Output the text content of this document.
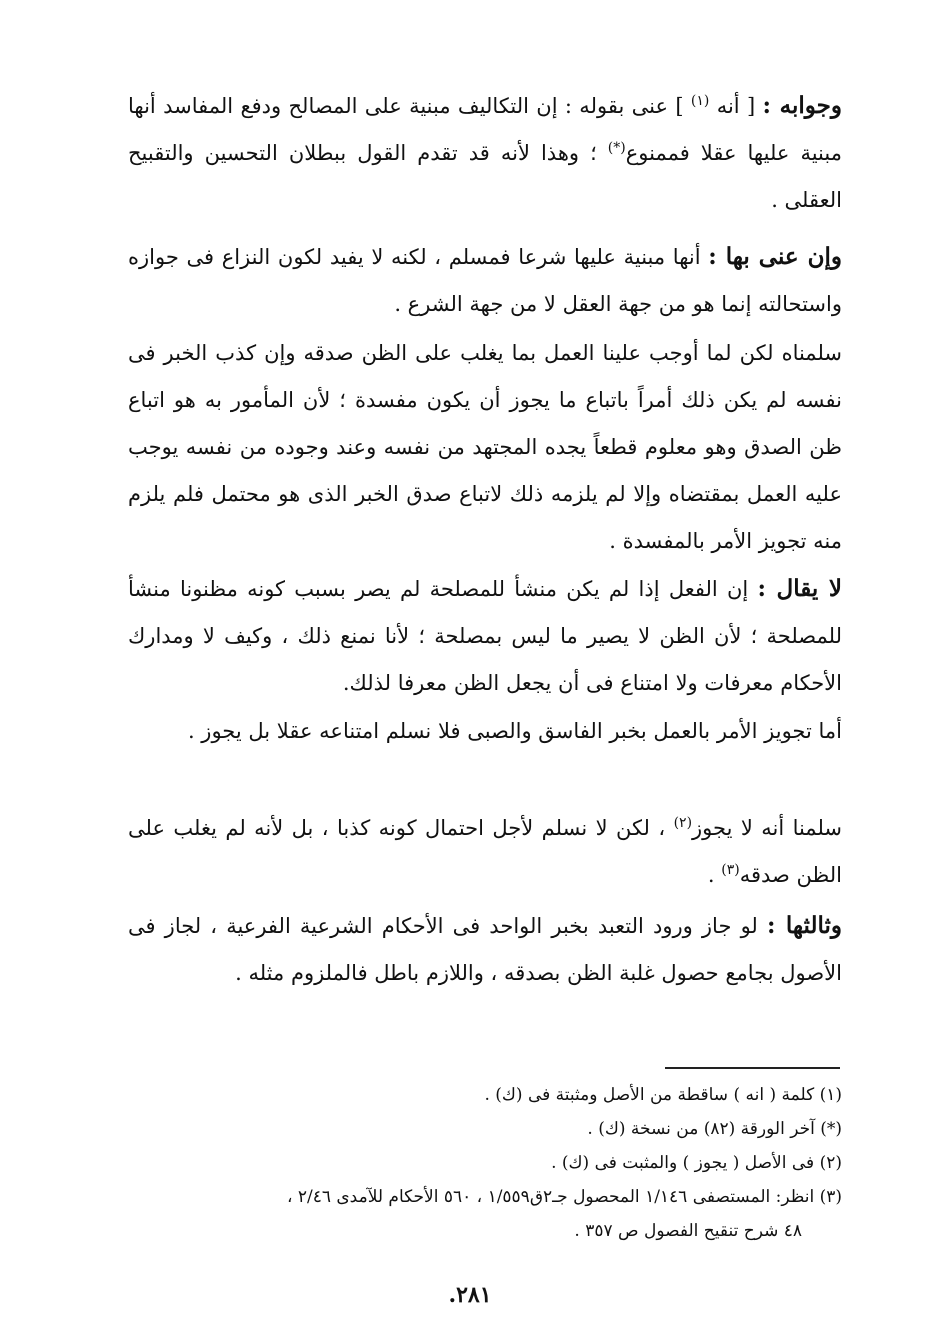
وجوابه : [ أنه $^{(١)}$ ] عنى بقوله : إن التكاليف مبنية على المصالح ودفع المفاسد أنها مبنية عليها عقلا فممنوع(*) ؛ وهذا لأنه قد تقدم القول ببطلان التحسين والتقبيح العقلى .

وإن عنى بها : أنها مبنية عليها شرعا فمسلم ، لكنه لا يفيد لكون النزاع فى جوازه واستحالته إنما هو من جهة العقل لا من جهة الشرع .

سلمناه لكن لما أوجب علينا العمل بما يغلب على الظن صدقه وإن كذب الخبر فى نفسه لم يكن ذلك أمراً باتباع ما يجوز أن يكون مفسدة ؛ لأن المأمور به هو اتباع ظن الصدق وهو معلوم قطعاً يجده المجتهد من نفسه وعند وجوده من نفسه يوجب عليه العمل بمقتضاه وإلا لم يلزمه ذلك لاتباع صدق الخبر الذى هو محتمل فلم يلزم منه تجويز الأمر بالمفسدة .

لا يقال : إن الفعل إذا لم يكن منشأ للمصلحة لم يصر بسبب كونه مظنونا منشأ للمصلحة ؛ لأن الظن لا يصير ما ليس بمصلحة ؛ لأنا نمنع ذلك ، وكيف لا ومدارك الأحكام معرفات ولا امتناع فى أن يجعل الظن معرفا لذلك.

أما تجويز الأمر بالعمل بخبر الفاسق والصبى فلا نسلم امتناعه عقلا بل يجوز .

سلمنا أنه لا يجوز$^{(٢)}$ ، لكن لا نسلم لأجل احتمال كونه كذبا ، بل لأنه لم يغلب على الظن صدقه$^{(٣)}$ .

وثالثها : لو جاز ورود التعبد بخبر الواحد فى الأحكام الشرعية الفرعية ، لجاز فى الأصول بجامع حصول غلبة الظن بصدقه ، واللازم باطل فالملزوم مثله .

(١) كلمة ( انه ) ساقطة من الأصل ومثبتة فى (ك) .
(*) آخر الورقة (٨٢) من نسخة (ك) .
(٢) فى الأصل ( يجوز ) والمثبت فى (ك) .
(٣) انظر: المستصفى ١/١٤٦ المحصول جـ٢ق١/٥٥٩ ، ٥٦٠ الأحكام للآمدى ٢/٤٦ ،
٤٨ شرح تنقيح الفصول ص ٣٥٧ .
٢٨١.
